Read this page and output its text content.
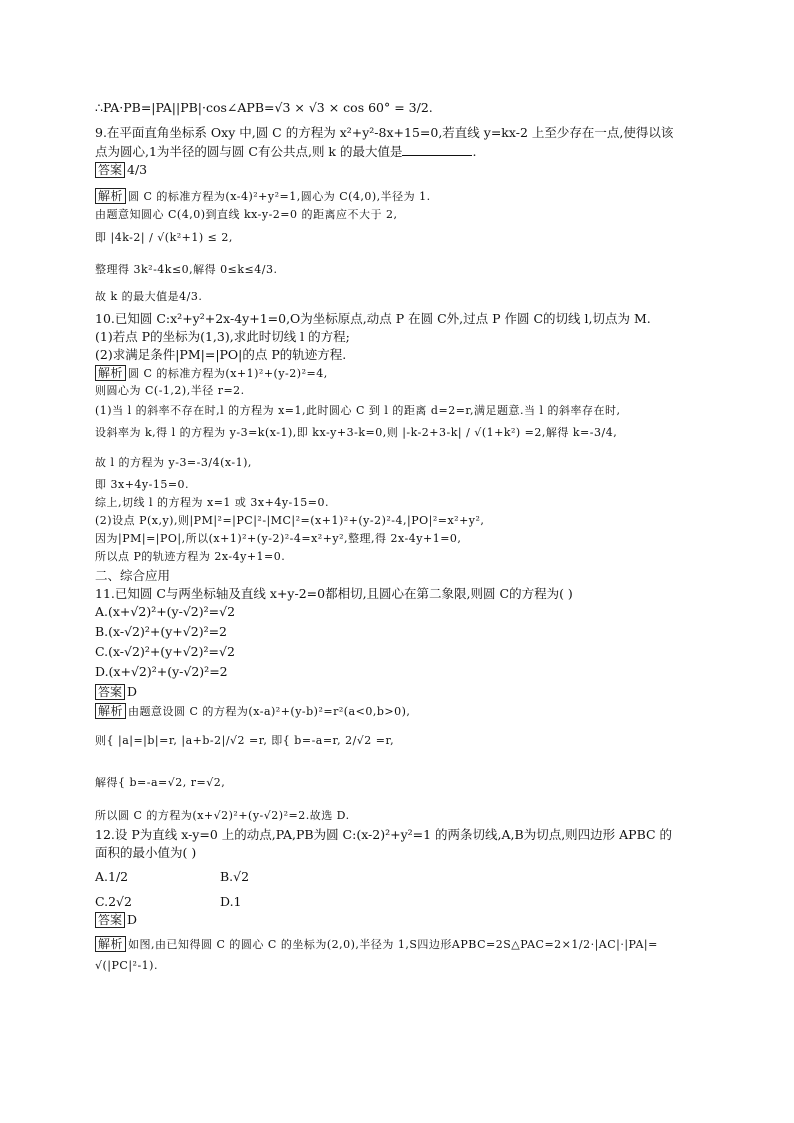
∴PA·PB=|PA||PB|·cos∠APB=√3 × √3 × cos 60° = 3/2.
9.在平面直角坐标系 Oxy 中,圆 C 的方程为 x²+y²-8x+15=0,若直线 y=kx-2 上至少存在一点,使得以该
点为圆心,1为半径的圆与圆 C有公共点,则 k 的最大值是	.
答案 4/3
解析 圆 C 的标准方程为(x-4)²+y²=1,圆心为 C(4,0),半径为 1.
由题意知圆心 C(4,0)到直线 kx-y-2=0 的距离应不大于 2,
即 |4k-2| / √(k²+1) ≤ 2,
整理得 3k²-4k≤0,解得 0≤k≤4/3.
故 k 的最大值是4/3.
10.已知圆 C:x²+y²+2x-4y+1=0,O为坐标原点,动点 P 在圆 C外,过点 P 作圆 C的切线 l,切点为 M.
(1)若点 P的坐标为(1,3),求此时切线 l 的方程;
(2)求满足条件|PM|=|PO|的点 P的轨迹方程.
解析 圆 C 的标准方程为(x+1)²+(y-2)²=4,
则圆心为 C(-1,2),半径 r=2.
(1)当 l 的斜率不存在时,l 的方程为 x=1,此时圆心 C 到 l 的距离 d=2=r,满足题意.当 l 的斜率存在时,
设斜率为 k,得 l 的方程为 y-3=k(x-1),即 kx-y+3-k=0,则 |-k-2+3-k| / √(1+k²) =2,解得 k=-3/4,
故 l 的方程为 y-3=-3/4(x-1),
即 3x+4y-15=0.
综上,切线 l 的方程为 x=1 或 3x+4y-15=0.
(2)设点 P(x,y),则|PM|²=|PC|²-|MC|²=(x+1)²+(y-2)²-4,|PO|²=x²+y²,
因为|PM|=|PO|,所以(x+1)²+(y-2)²-4=x²+y²,整理,得 2x-4y+1=0,
所以点 P的轨迹方程为 2x-4y+1=0.
二、综合应用
11.已知圆 C与两坐标轴及直线 x+y-2=0都相切,且圆心在第二象限,则圆 C的方程为( )
A.(x+√2)²+(y-√2)²=√2
B.(x-√2)²+(y+√2)²=2
C.(x-√2)²+(y+√2)²=√2
D.(x+√2)²+(y-√2)²=2
答案 D
解析 由题意设圆 C 的方程为(x-a)²+(y-b)²=r²(a<0,b>0),
则{ |a|=|b|=r, |a+b-2|/√2 =r, 即{ b=-a=r, 2/√2 =r,
解得{ b=-a=√2, r=√2,
所以圆 C 的方程为(x+√2)²+(y-√2)²=2.故选 D.
12.设 P为直线 x-y=0 上的动点,PA,PB为圆 C:(x-2)²+y²=1 的两条切线,A,B为切点,则四边形 APBC 的
面积的最小值为( )
A.1/2	B.√2
C.2√2	D.1
答案 D
解析 如图,由已知得圆 C 的圆心 C 的坐标为(2,0),半径为 1,S四边形APBC=2S△PAC=2×1/2·|AC|·|PA|=
√(|PC|²-1).
